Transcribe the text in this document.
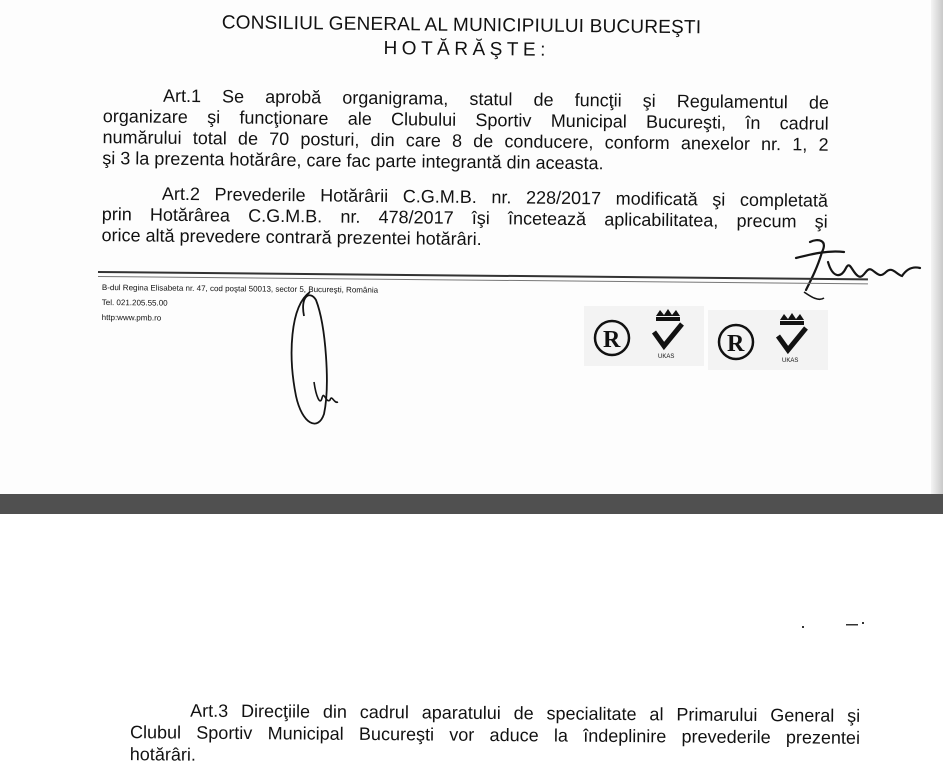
CONSILIUL GENERAL AL MUNICIPIULUI BUCUREŞTI
HOTĂRĂŞTE:
Art.1 Se aprobă organigrama, statul de funcţii şi Regulamentul de
organizare şi funcţionare ale Clubului Sportiv Municipal Bucureşti, în cadrul
numărului total de 70 posturi, din care 8 de conducere, conform anexelor nr. 1, 2
şi 3 la prezenta hotărâre, care fac parte integrantă din aceasta.
Art.2 Prevederile Hotărârii C.G.M.B. nr. 228/2017 modificată şi completată
prin Hotărârea C.G.M.B. nr. 478/2017 îşi încetează aplicabilitatea, precum şi
orice altă prevedere contrară prezentei hotărâri.
B-dul Regina Elisabeta nr. 47, cod poştal 50013, sector 5, Bucureşti, România
Tel. 021.205.55.00
http:www.pmb.ro
R
UKAS R
UKAS
Art.3 Direcţiile din cadrul aparatului de specialitate al Primarului General şi
Clubul Sportiv Municipal Bucureşti vor aduce la îndeplinire prevederile prezentei
hotărâri.
